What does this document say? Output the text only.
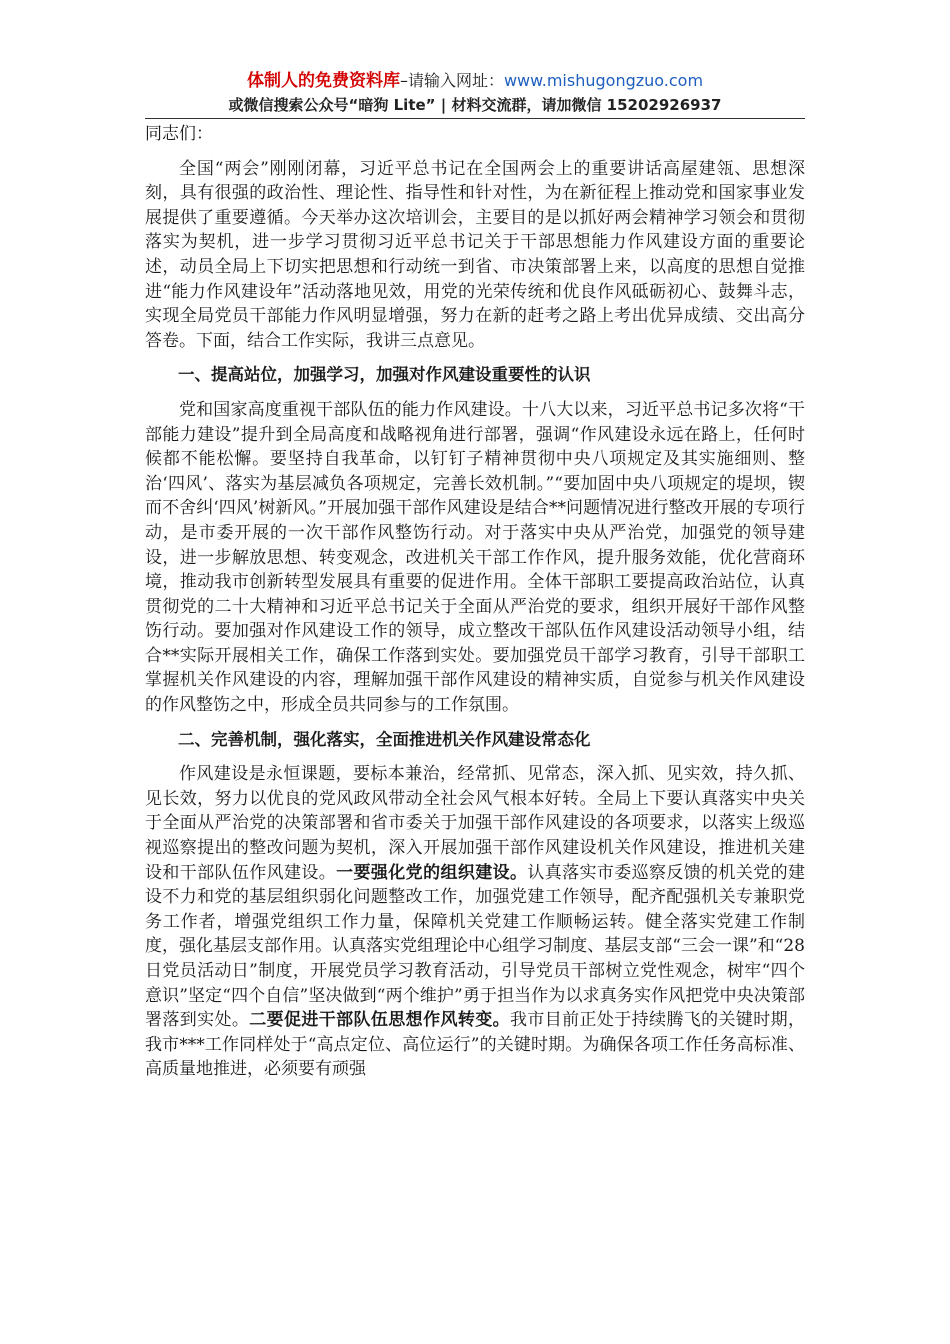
体制人的免费资料库–请输入网址：www.mishugongzuo.com
或微信搜索公众号“暗狗 Lite” | 材料交流群，请加微信 15202926937

同志们：

全国“两会”刚刚闭幕，习近平总书记在全国两会上的重要讲话高屋建瓴、思想深刻，具有很强的政治性、理论性、指导性和针对性，为在新征程上推动党和国家事业发展提供了重要遵循。今天举办这次培训会，主要目的是以抓好两会精神学习领会和贯彻落实为契机，进一步学习贯彻习近平总书记关于干部思想能力作风建设方面的重要论述，动员全局上下切实把思想和行动统一到省、市决策部署上来，以高度的思想自觉推进“能力作风建设年”活动落地见效，用党的光荣传统和优良作风砥砺初心、鼓舞斗志，实现全局党员干部能力作风明显增强，努力在新的赶考之路上考出优异成绩、交出高分答卷。下面，结合工作实际，我讲三点意见。

一、提高站位，加强学习，加强对作风建设重要性的认识

党和国家高度重视干部队伍的能力作风建设。十八大以来，习近平总书记多次将“干部能力建设”提升到全局高度和战略视角进行部署，强调“作风建设永远在路上，任何时候都不能松懈。要坚持自我革命，以钉钉子精神贯彻中央八项规定及其实施细则、整治‘四风’、落实为基层减负各项规定，完善长效机制。”“要加固中央八项规定的堤坝，锲而不舍纠‘四风’树新风。”开展加强干部作风建设是结合**问题情况进行整改开展的专项行动，是市委开展的一次干部作风整饬行动。对于落实中央从严治党，加强党的领导建设，进一步解放思想、转变观念，改进机关干部工作作风，提升服务效能，优化营商环境，推动我市创新转型发展具有重要的促进作用。全体干部职工要提高政治站位，认真贯彻党的二十大精神和习近平总书记关于全面从严治党的要求，组织开展好干部作风整饬行动。要加强对作风建设工作的领导，成立整改干部队伍作风建设活动领导小组，结合**实际开展相关工作，确保工作落到实处。要加强党员干部学习教育，引导干部职工掌握机关作风建设的内容，理解加强干部作风建设的精神实质，自觉参与机关作风建设的作风整饬之中，形成全员共同参与的工作氛围。

二、完善机制，强化落实，全面推进机关作风建设常态化

作风建设是永恒课题，要标本兼治，经常抓、见常态，深入抓、见实效，持久抓、见长效，努力以优良的党风政风带动全社会风气根本好转。全局上下要认真落实中央关于全面从严治党的决策部署和省市委关于加强干部作风建设的各项要求，以落实上级巡视巡察提出的整改问题为契机，深入开展加强干部作风建设机关作风建设，推进机关建设和干部队伍作风建设。一要强化党的组织建设。认真落实市委巡察反馈的机关党的建设不力和党的基层组织弱化问题整改工作，加强党建工作领导，配齐配强机关专兼职党务工作者，增强党组织工作力量，保障机关党建工作顺畅运转。健全落实党建工作制度，强化基层支部作用。认真落实党组理论中心组学习制度、基层支部“三会一课”和“28日党员活动日”制度，开展党员学习教育活动，引导党员干部树立党性观念，树牢“四个意识”坚定“四个自信”坚决做到“两个维护”勇于担当作为以求真务实作风把党中央决策部署落到实处。二要促进干部队伍思想作风转变。我市目前正处于持续腾飞的关键时期，我市***工作同样处于“高点定位、高位运行”的关键时期。为确保各项工作任务高标准、高质量地推进，必须要有顽强
